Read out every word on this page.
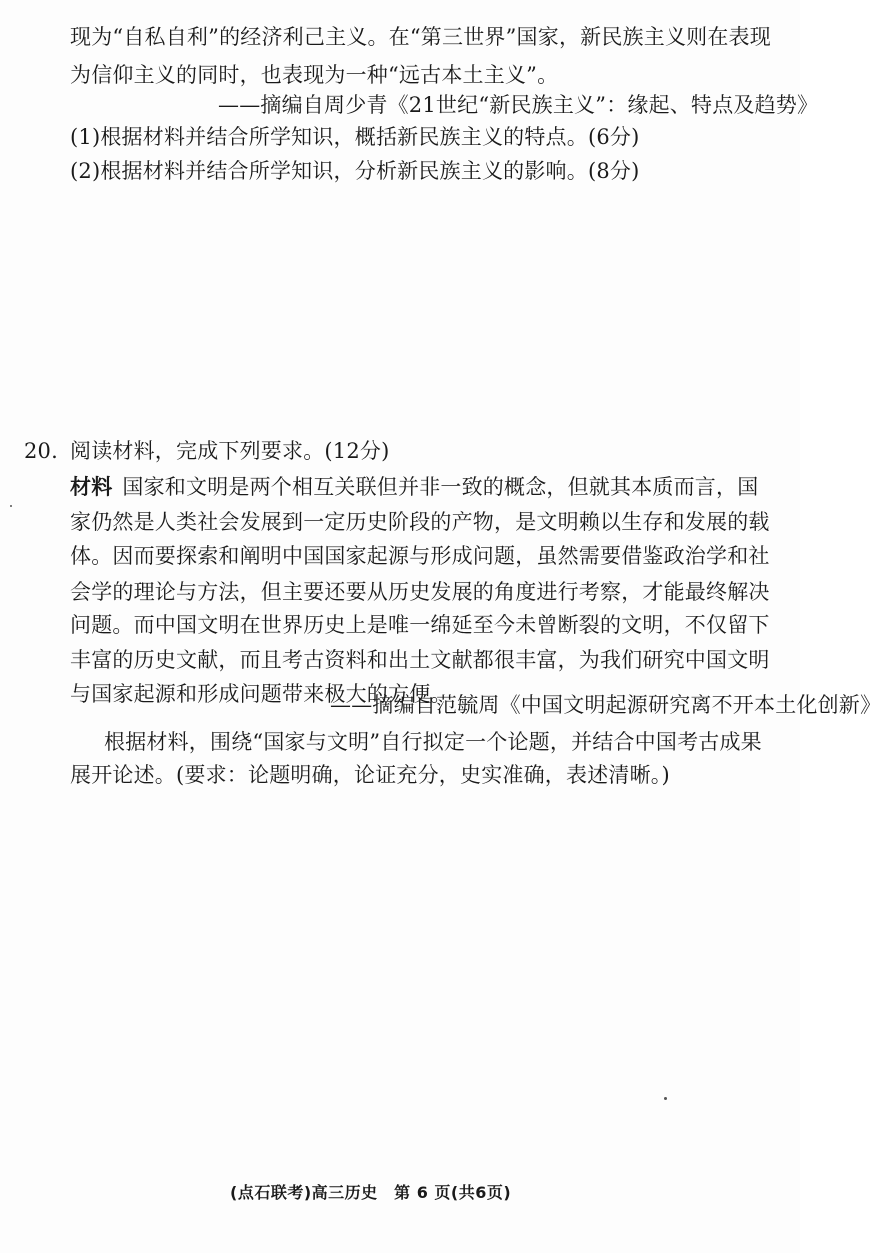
现为“自私自利”的经济利己主义。在“第三世界”国家，新民族主义则在表现
为信仰主义的同时，也表现为一种“远古本土主义”。
——摘编自周少青《21世纪“新民族主义”：缘起、特点及趋势》
(1)根据材料并结合所学知识，概括新民族主义的特点。(6分)
(2)根据材料并结合所学知识，分析新民族主义的影响。(8分)
20. 阅读材料，完成下列要求。(12分)
材料 国家和文明是两个相互关联但并非一致的概念，但就其本质而言，国
家仍然是人类社会发展到一定历史阶段的产物，是文明赖以生存和发展的载
体。因而要探索和阐明中国国家起源与形成问题，虽然需要借鉴政治学和社
会学的理论与方法，但主要还要从历史发展的角度进行考察，才能最终解决
问题。而中国文明在世界历史上是唯一绵延至今未曾断裂的文明，不仅留下
丰富的历史文献，而且考古资料和出土文献都很丰富，为我们研究中国文明
与国家起源和形成问题带来极大的方便。
——摘编自范毓周《中国文明起源研究离不开本土化创新》
根据材料，围绕“国家与文明”自行拟定一个论题，并结合中国考古成果
展开论述。(要求：论题明确，论证充分，史实准确，表述清晰。)
(点石联考)高三历史　第 6 页(共6页)
